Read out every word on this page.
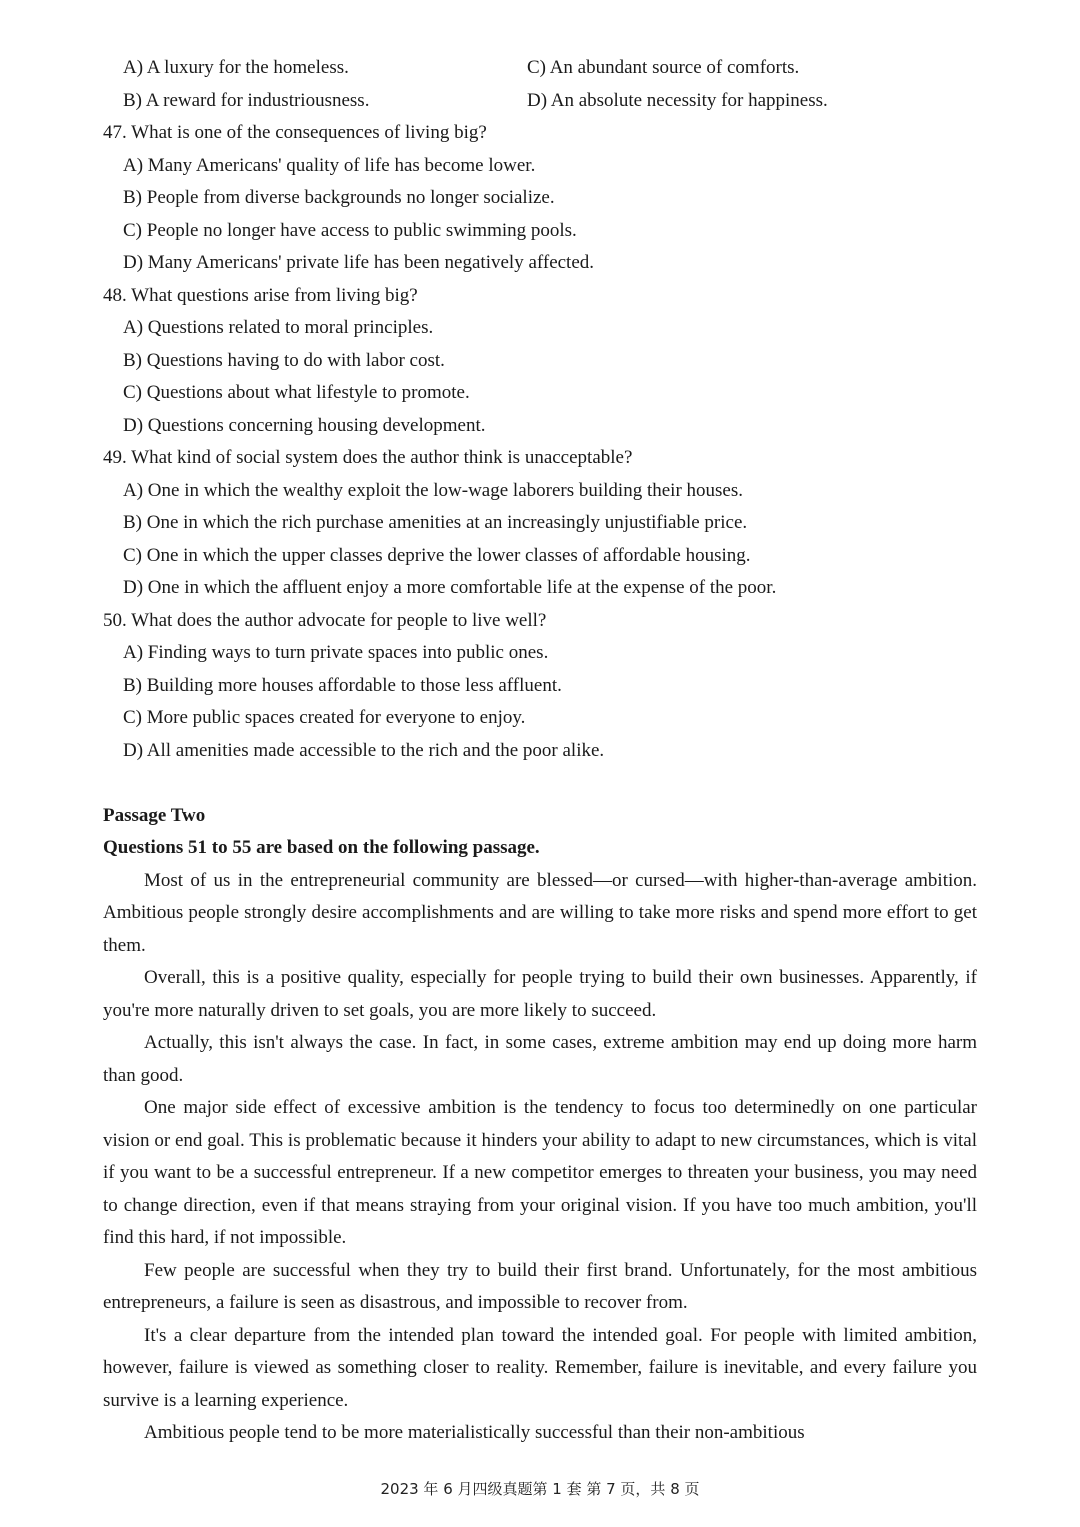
A) A luxury for the homeless.	C) An abundant source of comforts.
B) A reward for industriousness.	D) An absolute necessity for happiness.
47. What is one of the consequences of living big?
A) Many Americans' quality of life has become lower.
B) People from diverse backgrounds no longer socialize.
C) People no longer have access to public swimming pools.
D) Many Americans' private life has been negatively affected.
48. What questions arise from living big?
A) Questions related to moral principles.
B) Questions having to do with labor cost.
C) Questions about what lifestyle to promote.
D) Questions concerning housing development.
49. What kind of social system does the author think is unacceptable?
A) One in which the wealthy exploit the low-wage laborers building their houses.
B) One in which the rich purchase amenities at an increasingly unjustifiable price.
C) One in which the upper classes deprive the lower classes of affordable housing.
D) One in which the affluent enjoy a more comfortable life at the expense of the poor.
50. What does the author advocate for people to live well?
A) Finding ways to turn private spaces into public ones.
B) Building more houses affordable to those less affluent.
C) More public spaces created for everyone to enjoy.
D) All amenities made accessible to the rich and the poor alike.
Passage Two
Questions 51 to 55 are based on the following passage.

Most of us in the entrepreneurial community are blessed—or cursed—with higher-than-average ambition. Ambitious people strongly desire accomplishments and are willing to take more risks and spend more effort to get them.

Overall, this is a positive quality, especially for people trying to build their own businesses. Apparently, if you're more naturally driven to set goals, you are more likely to succeed.

Actually, this isn't always the case. In fact, in some cases, extreme ambition may end up doing more harm than good.

One major side effect of excessive ambition is the tendency to focus too determinedly on one particular vision or end goal. This is problematic because it hinders your ability to adapt to new circumstances, which is vital if you want to be a successful entrepreneur. If a new competitor emerges to threaten your business, you may need to change direction, even if that means straying from your original vision. If you have too much ambition, you'll find this hard, if not impossible.

Few people are successful when they try to build their first brand. Unfortunately, for the most ambitious entrepreneurs, a failure is seen as disastrous, and impossible to recover from.

It's a clear departure from the intended plan toward the intended goal. For people with limited ambition, however, failure is viewed as something closer to reality. Remember, failure is inevitable, and every failure you survive is a learning experience.

Ambitious people tend to be more materialistically successful than their non-ambitious

2023 年 6 月四级真题第 1 套 第 7 页，共 8 页
